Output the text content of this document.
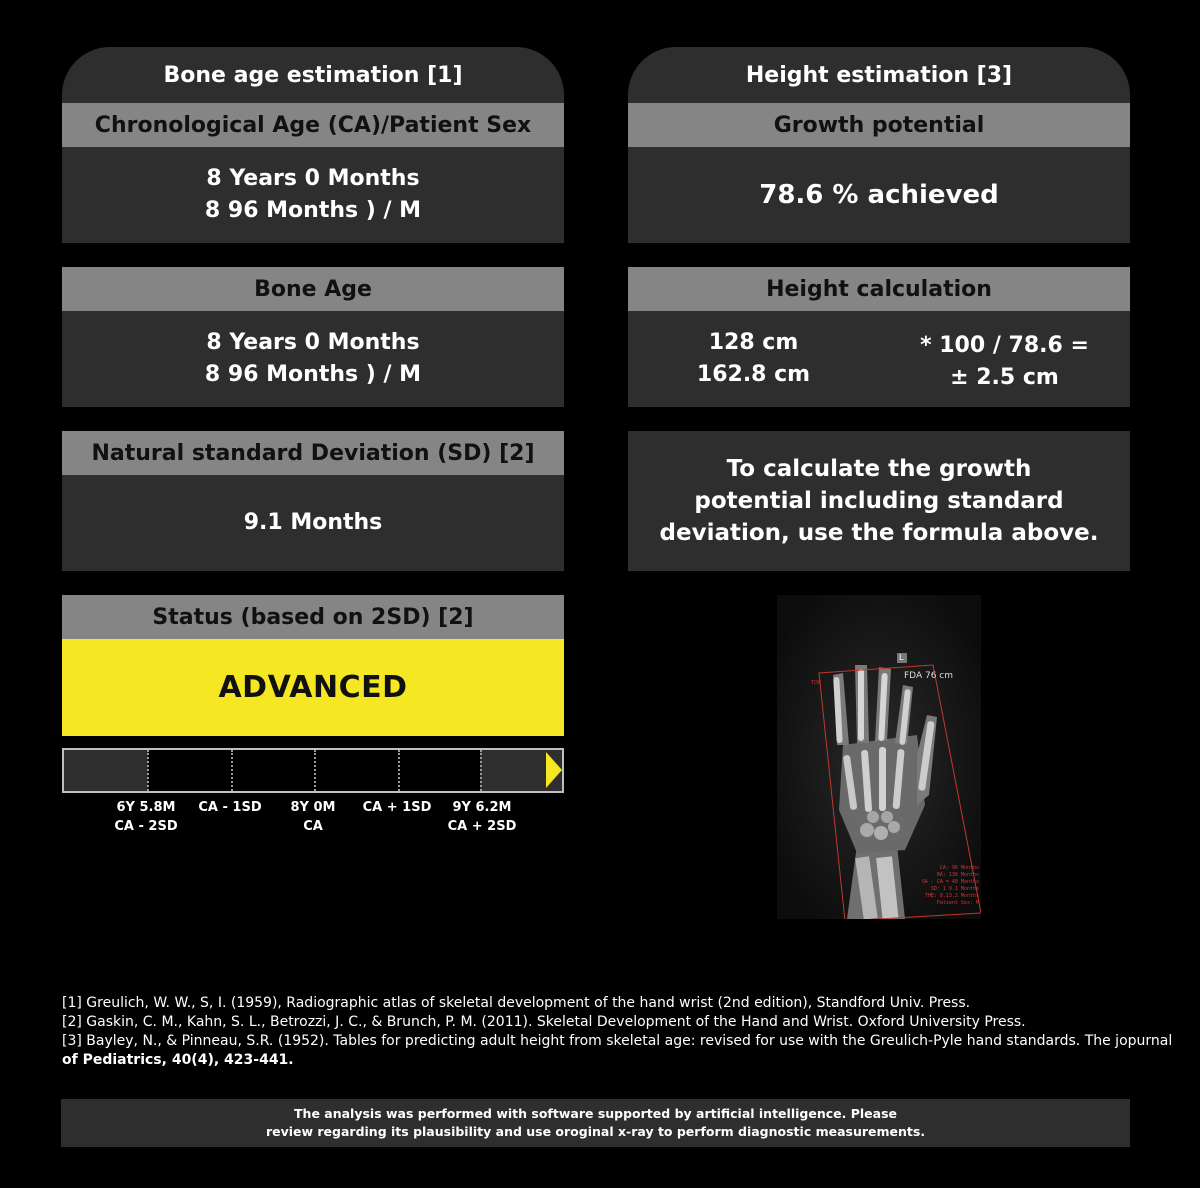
Bone age estimation [1]
Chronological Age (CA)/Patient Sex
8 Years 0 Months
8 96 Months ) / M
Bone Age
8 Years 0 Months
8 96 Months ) / M
Natural standard Deviation (SD) [2]
9.1 Months
Status (based on 2SD) [2]
ADVANCED
6Y 5.8M
CA - 2SD
CA - 1SD	8Y 0M
CA
CA + 1SD	9Y 6.2M
CA + 2SD
Height estimation [3]
Growth potential
78.6 % achieved
Height calculation
128 cm
162.8 cm
* 100 / 78.6 =
± 2.5 cm
To calculate the growth
potential including standard
deviation, use the formula above.
FDA 76 cm
L
TOP
CA: 96 Months
BA: 136 Months
SA - CA = 40 Months
SD: 1 9.1 Months
THE: 8.13.2 Months
Patient Sex: M
[1] Greulich, W. W., S, I. (1959), Radiographic atlas of skeletal development of the hand wrist (2nd edition), Standford Univ. Press.
[2] Gaskin, C. M., Kahn, S. L., Betrozzi, J. C., & Brunch, P. M. (2011). Skeletal Development of the Hand and Wrist. Oxford University Press.
[3] Bayley, N., & Pinneau, S.R. (1952). Tables for predicting adult height from skeletal age: revised for use with the Greulich-Pyle hand standards. The jopurnal
of Pediatrics, 40(4), 423-441.
The analysis was performed with software supported by artificial intelligence. Please
review regarding its plausibility and use oroginal x-ray to perform diagnostic measurements.
